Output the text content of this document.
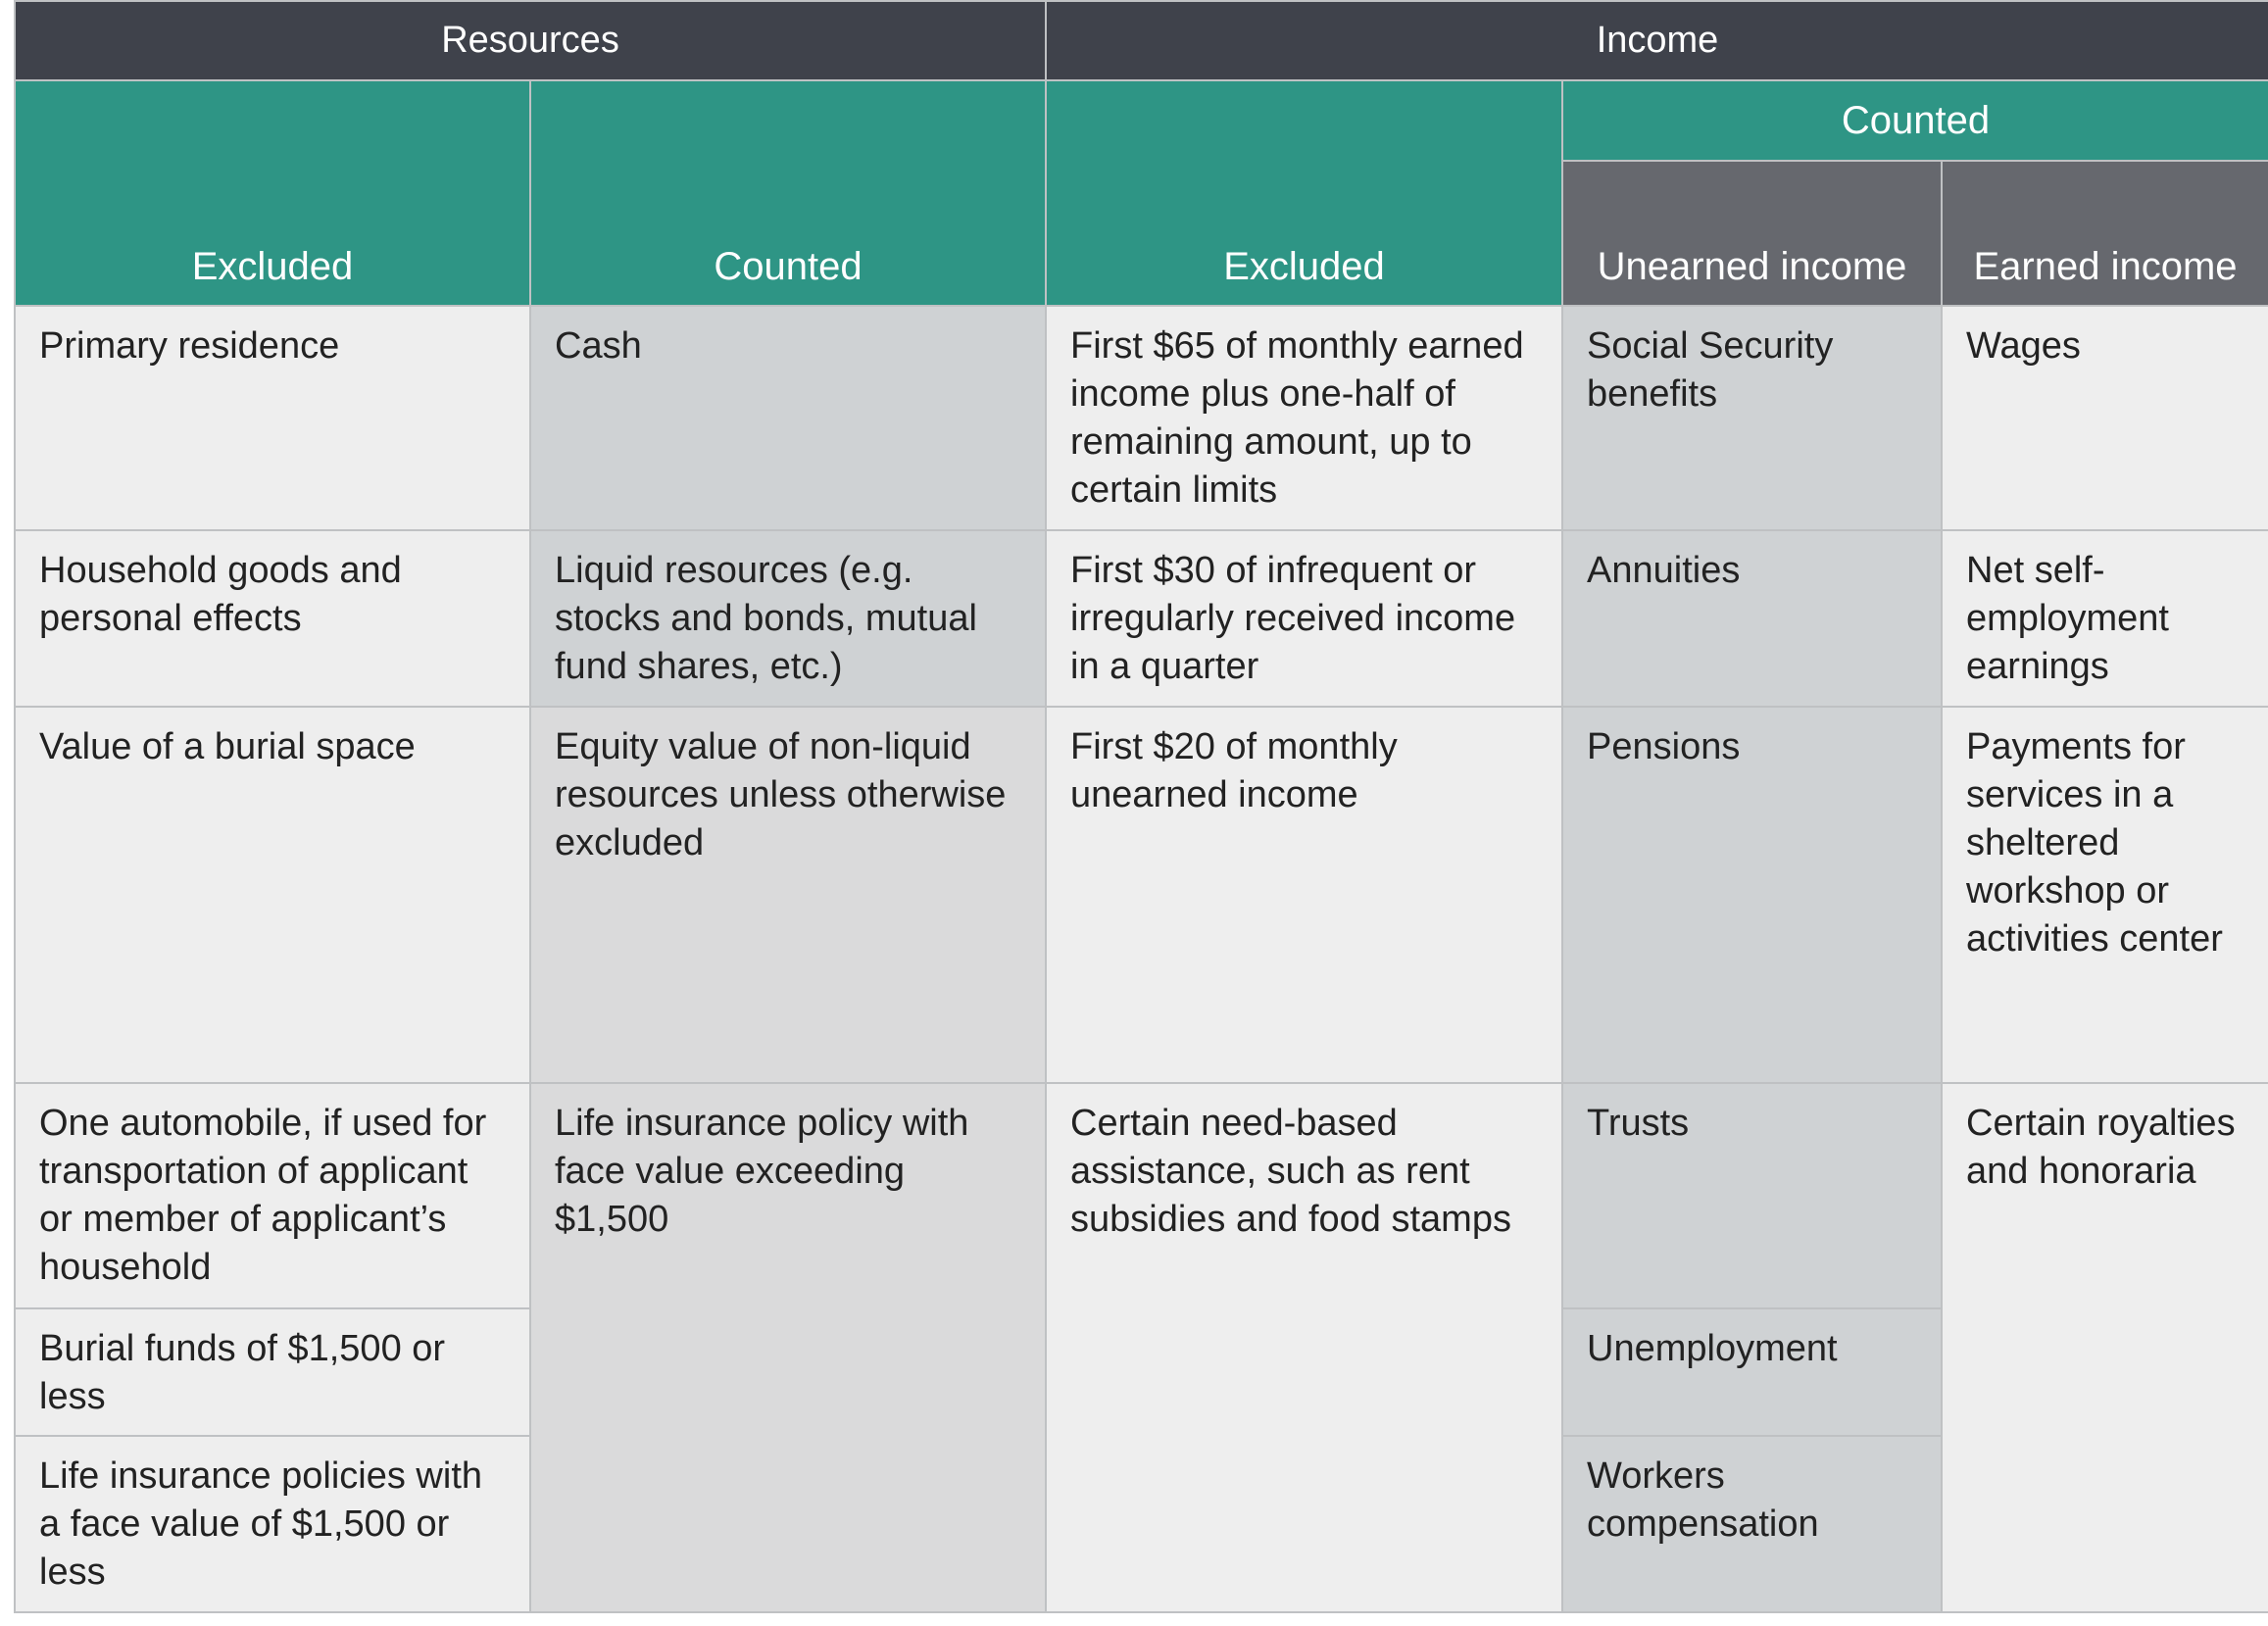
Resources		Income		
Excluded	Counted	Excluded	Counted	
			Unearned income	Earned income
Primary residence	Cash	First $65 of monthly earned income plus one-half of remaining amount, up to certain limits	Social Security benefits	Wages
Household goods and personal effects	Liquid resources (e.g. stocks and bonds, mutual fund shares, etc.)	First $30 of infrequent or irregularly received income in a quarter	Annuities	Net self-employment earnings
Value of a burial space	Equity value of non-liquid resources unless otherwise excluded	First $20 of monthly unearned income	Pensions	Payments for services in a sheltered workshop or activities center
One automobile, if used for transportation of applicant or member of applicant’s household	Life insurance policy with face value exceeding $1,500	Certain need-based assistance, such as rent subsidies and food stamps	Trusts	Certain royalties and honoraria
Burial funds of $1,500 or less			Unemployment	
Life insurance policies with a face value of $1,500 or less			Workers compensation	
